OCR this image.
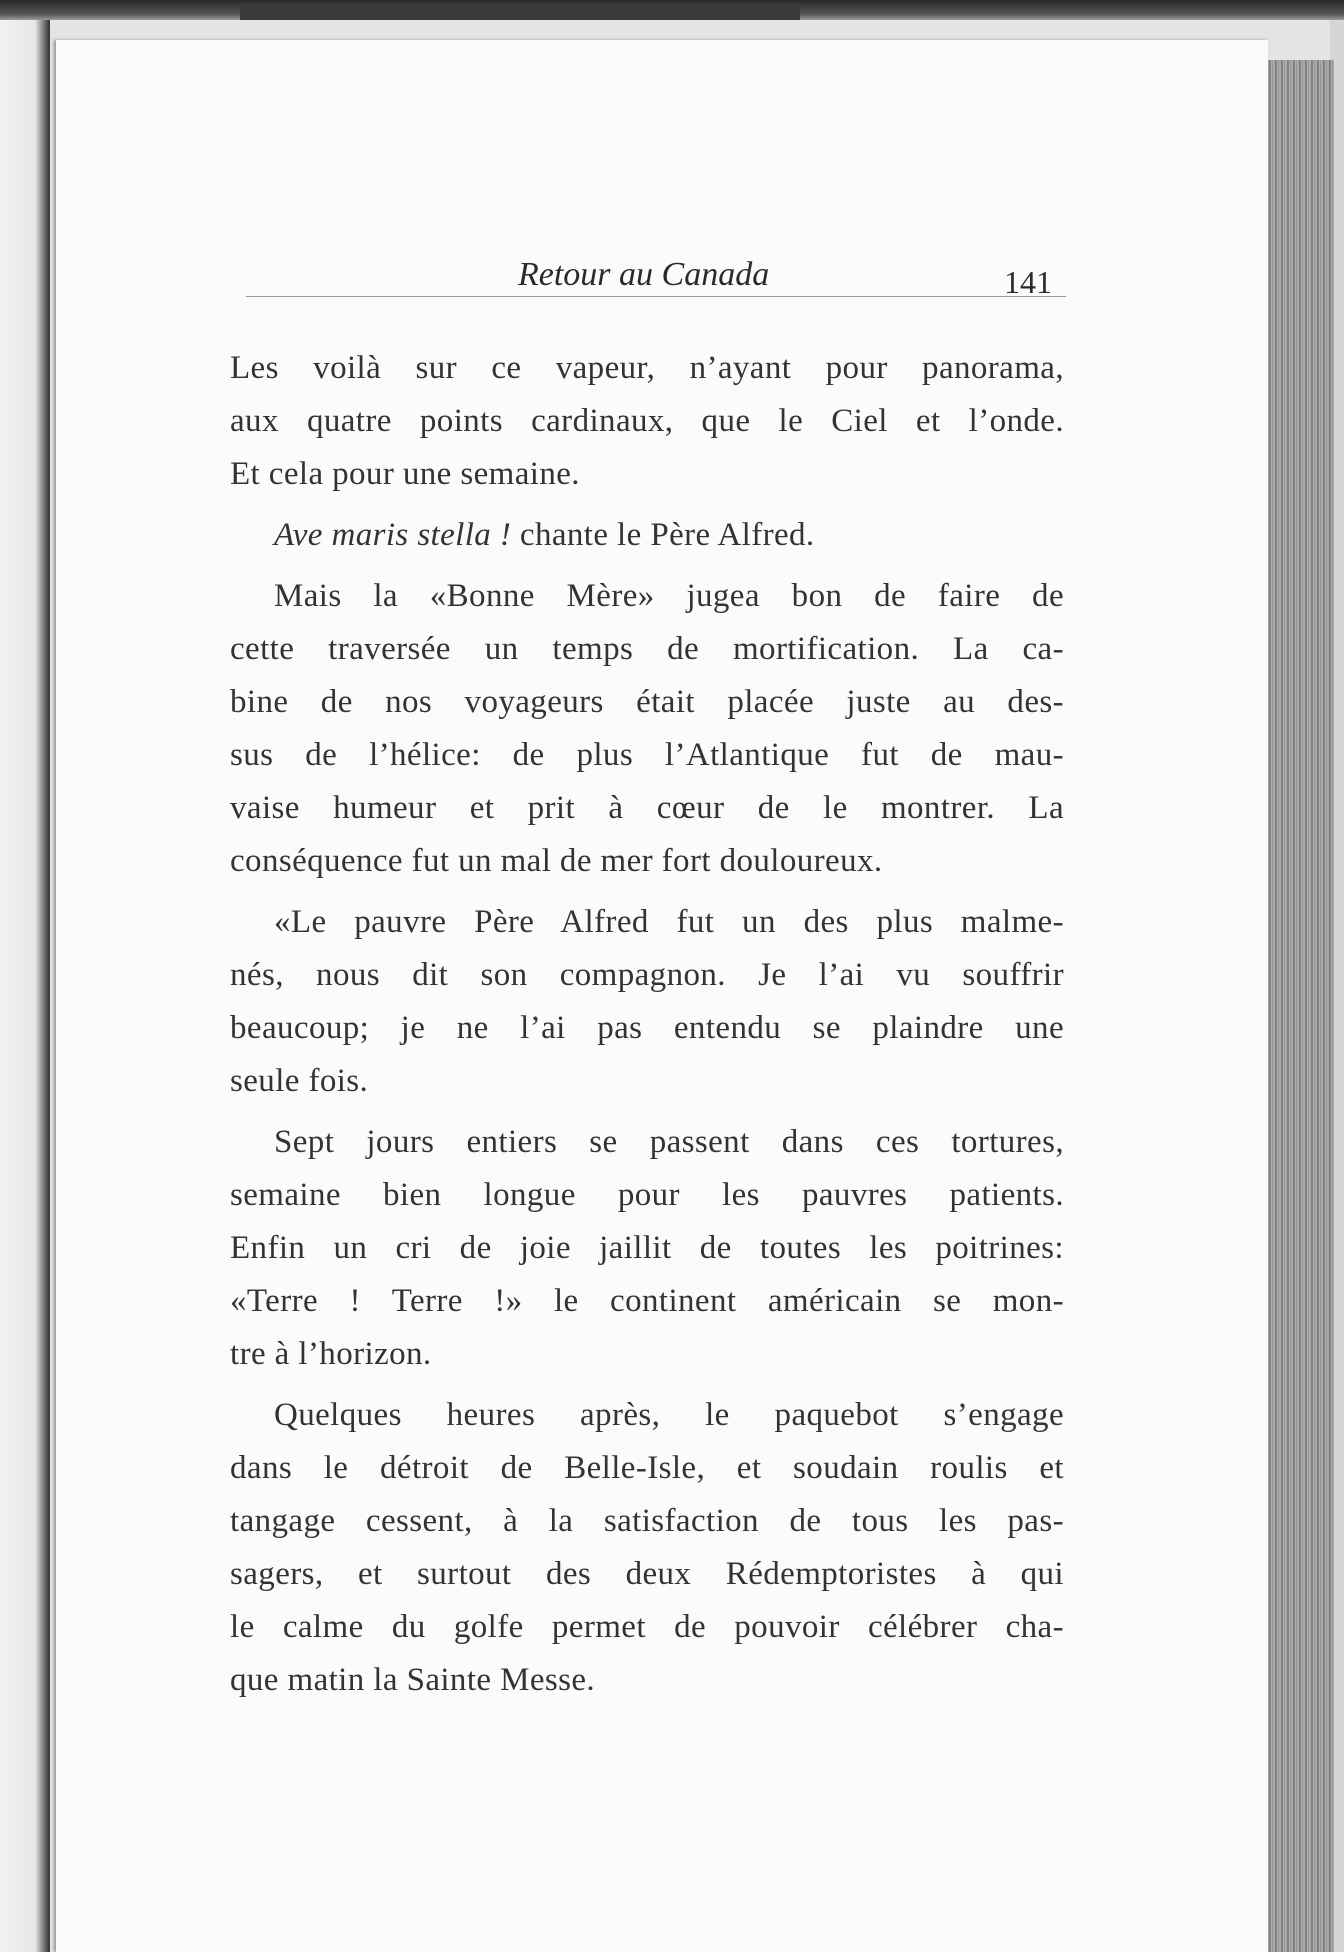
Retour au Canada	141
Les voilà sur ce vapeur, n’ayant pour panorama,
aux quatre points cardinaux, que le Ciel et l’onde.
Et cela pour une semaine.
Ave maris stella ! chante le Père Alfred.
Mais la «Bonne Mère» jugea bon de faire de
cette traversée un temps de mortification. La ca-
bine de nos voyageurs était placée juste au des-
sus de l’hélice: de plus l’Atlantique fut de mau-
vaise humeur et prit à cœur de le montrer. La
conséquence fut un mal de mer fort douloureux.
«Le pauvre Père Alfred fut un des plus malme-
nés, nous dit son compagnon. Je l’ai vu souffrir
beaucoup; je ne l’ai pas entendu se plaindre une
seule fois.
Sept jours entiers se passent dans ces tortures,
semaine bien longue pour les pauvres patients.
Enfin un cri de joie jaillit de toutes les poitrines:
«Terre ! Terre !» le continent américain se mon-
tre à l’horizon.
Quelques heures après, le paquebot s’engage
dans le détroit de Belle-Isle, et soudain roulis et
tangage cessent, à la satisfaction de tous les pas-
sagers, et surtout des deux Rédemptoristes à qui
le calme du golfe permet de pouvoir célébrer cha-
que matin la Sainte Messe.
